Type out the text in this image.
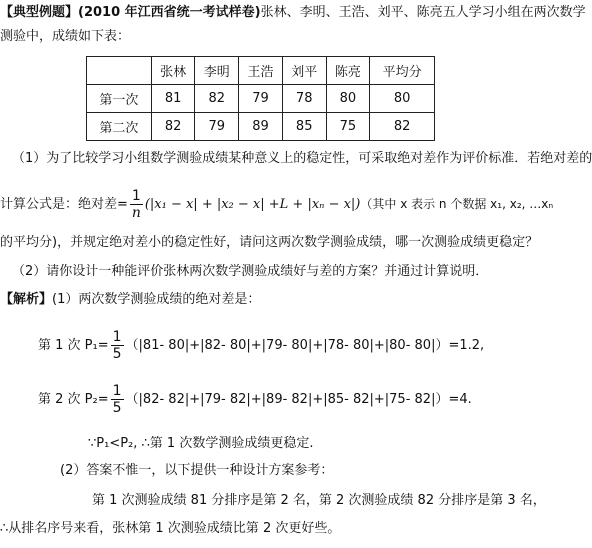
【典型例题】(2010 年江西省统一考试样卷)张林、李明、王浩、刘平、陈亮五人学习小组在两次数学
测验中，成绩如下表：
	张林	李明	王浩	刘平	陈亮	平均分
第一次	81	82	79	78	80	80
第二次	82	79	89	85	75	82
（1）为了比较学习小组数学测验成绩某种意义上的稳定性，可采取绝对差作为评价标准．若绝对差的
计算公式是：绝对差= $\frac{1}{n} (|x_1 - x| + |x_2 - x| +L + |x_n - x|)$（其中 x 表示 n 个数据 x₁, x₂, …xₙ
的平均分)，并规定绝对差小的稳定性好，请问这两次数学测验成绩，哪一次测验成绩更稳定？
（2）请你设计一种能评价张林两次数学测验成绩好与差的方案？并通过计算说明．
【解析】(1）两次数学测验成绩的绝对差是：
第 1 次 $P_1= \frac{1}{5} (|81-$ 80|+|82- 80|+|79- 80|+|78- 80|+|80- 80|）=1.2,
第 2 次 $P_2= \frac{1}{5} (|82-$ 82|+|79- 82|+|89- 82|+|85- 82|+|75- 82|）=4.
∵P₁<P₂, ∴第 1 次数学测验成绩更稳定.
(2）答案不惟一，以下提供一种设计方案参考：
第 1 次测验成绩 81 分排序是第 2 名，第 2 次测验成绩 82 分排序是第 3 名，
∴从排名序号来看，张林第 1 次测验成绩比第 2 次更好些。
